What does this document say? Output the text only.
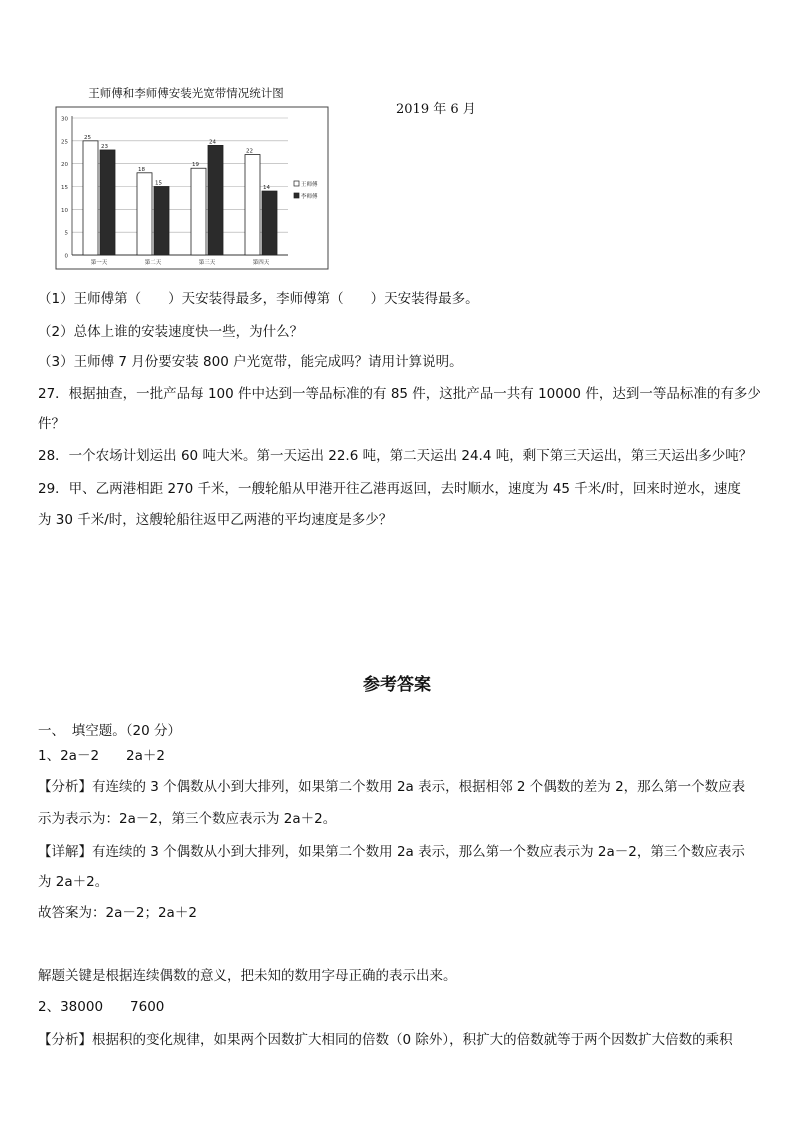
王师傅和李师傅安装光宽带情况统计图
0
5
10
15
20
25
30
25
23
第一天
18
15
第二天
19
24
第三天
22
14
第四天
王师傅
李师傅
2019 年 6 月
（1）王师傅第（　　）天安装得最多，李师傅第（　　）天安装得最多。
（2）总体上谁的安装速度快一些，为什么？
（3）王师傅 7 月份要安装 800 户光宽带，能完成吗？请用计算说明。
27．根据抽查，一批产品每 100 件中达到一等品标准的有 85 件，这批产品一共有 10000 件，达到一等品标准的有多少
件？
28．一个农场计划运出 60 吨大米。第一天运出 22.6 吨，第二天运出 24.4 吨，剩下第三天运出，第三天运出多少吨？
29．甲、乙两港相距 270 千米，一艘轮船从甲港开往乙港再返回，去时顺水，速度为 45 千米/时，回来时逆水，速度
为 30 千米/时，这艘轮船往返甲乙两港的平均速度是多少？
参考答案
一、　填空题。（20 分）
1、2a－2　　2a＋2
【分析】有连续的 3 个偶数从小到大排列，如果第二个数用 2a 表示，根据相邻 2 个偶数的差为 2，那么第一个数应表
示为表示为：2a－2，第三个数应表示为 2a＋2。
【详解】有连续的 3 个偶数从小到大排列，如果第二个数用 2a 表示，那么第一个数应表示为 2a－2，第三个数应表示
为 2a＋2。
故答案为：2a－2；2a＋2
解题关键是根据连续偶数的意义，把未知的数用字母正确的表示出来。
2、38000　　7600
【分析】根据积的变化规律，如果两个因数扩大相同的倍数（0 除外），积扩大的倍数就等于两个因数扩大倍数的乘积
